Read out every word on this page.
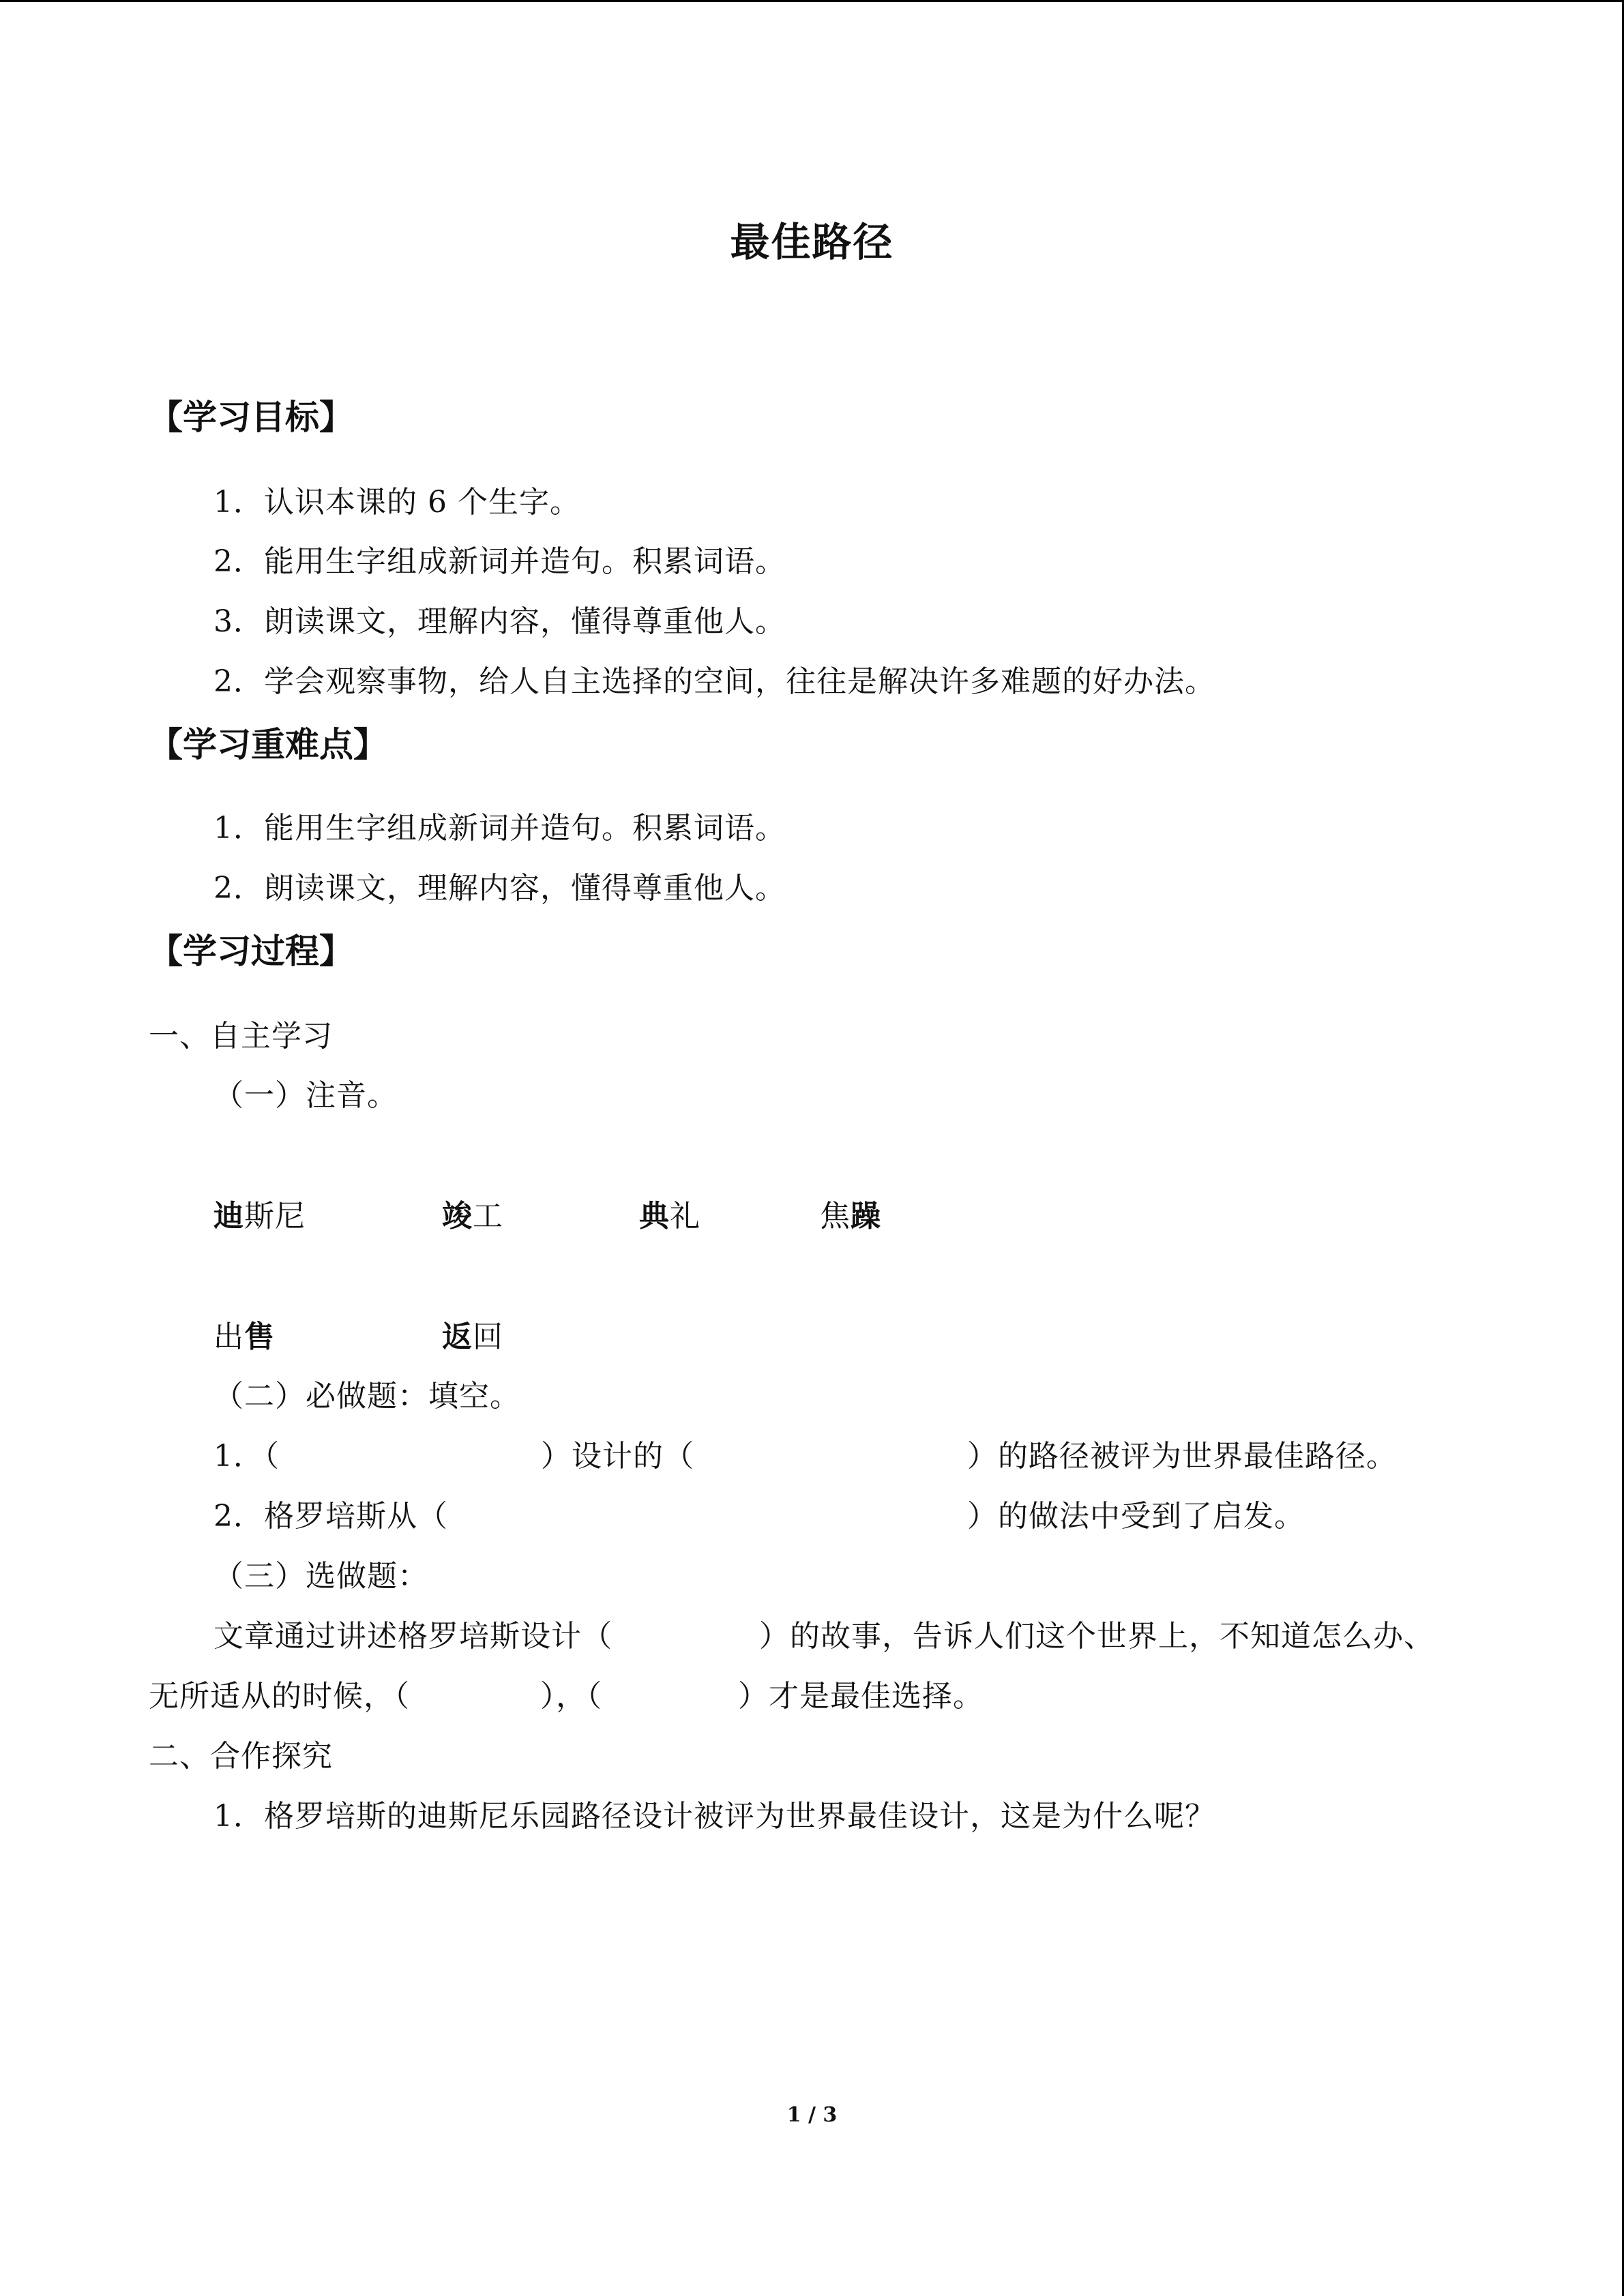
最佳路径
【学习目标】
1．认识本课的 6 个生字。
2．能用生字组成新词并造句。积累词语。
3．朗读课文，理解内容，懂得尊重他人。
2．学会观察事物，给人自主选择的空间，往往是解决许多难题的好办法。
【学习重难点】
1．能用生字组成新词并造句。积累词语。
2．朗读课文，理解内容，懂得尊重他人。
【学习过程】
一、自主学习
（一）注音。
迪斯尼	竣工	典礼	焦躁
出售	返回
（二）必做题：填空。
1．（	）设计的（	）的路径被评为世界最佳路径。
2．格罗培斯从（	）的做法中受到了启发。
（三）选做题：
文章通过讲述格罗培斯设计（	）的故事，告诉人们这个世界上，不知道怎么办、
无所适从的时候，（	），（	）才是最佳选择。
二、合作探究
1．格罗培斯的迪斯尼乐园路径设计被评为世界最佳设计，这是为什么呢？
1 / 3
